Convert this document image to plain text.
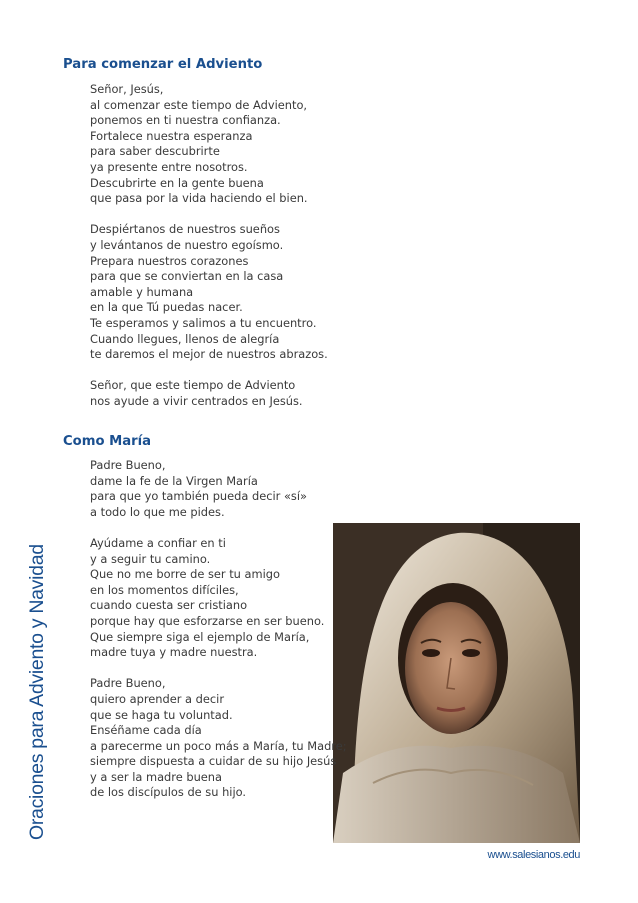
Oraciones para Adviento y Navidad
Para comenzar el Adviento
Señor, Jesús,
al comenzar este tiempo de Adviento,
ponemos en ti nuestra confianza.
Fortalece nuestra esperanza
para saber descubrirte
ya presente entre nosotros.
Descubrirte en la gente buena
que pasa por la vida haciendo el bien.
Despiértanos de nuestros sueños
y levántanos de nuestro egoísmo.
Prepara nuestros corazones
para que se conviertan en la casa
amable y humana
en la que Tú puedas nacer.
Te esperamos y salimos a tu encuentro.
Cuando llegues, llenos de alegría
te daremos el mejor de nuestros abrazos.
Señor, que este tiempo de Adviento
nos ayude a vivir centrados en Jesús.
Como María
Padre Bueno,
dame la fe de la Virgen María
para que yo también pueda decir «sí»
a todo lo que me pides.
Ayúdame a confiar en ti
y a seguir tu camino.
Que no me borre de ser tu amigo
en los momentos difíciles,
cuando cuesta ser cristiano
porque hay que esforzarse en ser bueno.
Que siempre siga el ejemplo de María,
madre tuya y madre nuestra.
Padre Bueno,
quiero aprender a decir
que se haga tu voluntad.
Enséñame cada día
a parecerme un poco más a María, tu Madre;
siempre dispuesta a cuidar de su hijo Jesús
y a ser la madre buena
de los discípulos de su hijo.
www.salesianos.edu
